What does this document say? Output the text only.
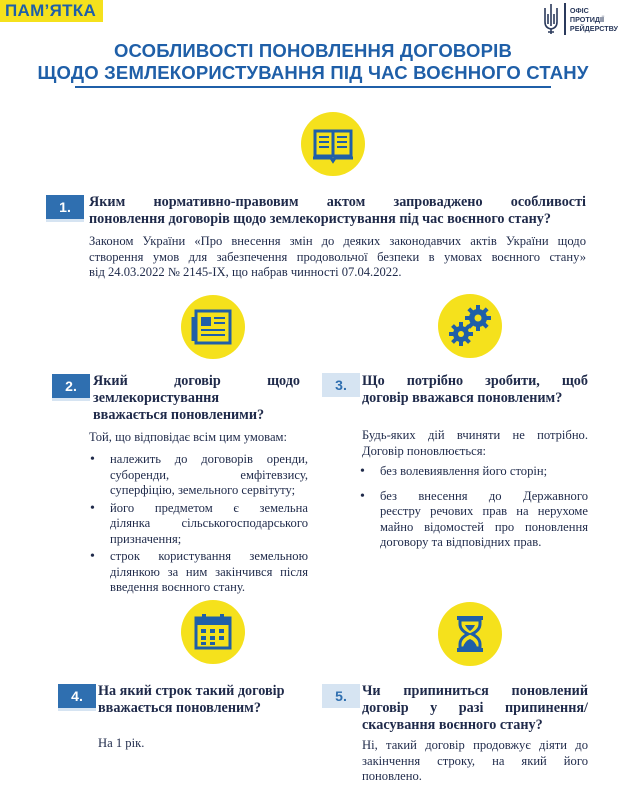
ПАМ’ЯТКА	ОФІС
ПРОТИДІЇ
РЕЙДЕРСТВУ
ОСОБЛИВОСТІ ПОНОВЛЕННЯ ДОГОВОРІВ
ЩОДО ЗЕМЛЕКОРИСТУВАННЯ ПІД ЧАС ВОЄННОГО СТАНУ
1.	Яким нормативно-правовим актом запроваджено особливості
поновлення договорів щодо землекористування під час воєнного стану?
Законом України «Про внесення змін до деяких законодавчих актів України щодо
створення умов для забезпечення продовольчої безпеки в умовах воєнного стану»
від 24.03.2022 № 2145-IX, що набрав чинності 07.04.2022.
2.	Який договір щодо
землекористування
вважається поновленими?
Той, що відповідає всім цим умовам:
• належить до договорів оренди,
суборенди, емфітевзису,
суперфіцію, земельного сервітуту;
• його предметом є земельна
ділянка сільськогосподарського
призначення;
• строк користування земельною
ділянкою за ним закінчився після
введення воєнного стану.
3.	Що потрібно зробити, щоб
договір вважався поновленим?
Будь-яких дій вчиняти не потрібно.
Договір поновлюється:
• без волевиявлення його сторін;
• без внесення до Державного
реєстру речових прав на нерухоме
майно відомостей про поновлення
договору та відповідних прав.
4.	На який строк такий договір
вважається поновленим?
На 1 рік.
5.	Чи припиниться поновлений
договір у разі припинення/
скасування воєнного стану?
Ні, такий договір продовжує діяти до
закінчення строку, на який його
поновлено.
